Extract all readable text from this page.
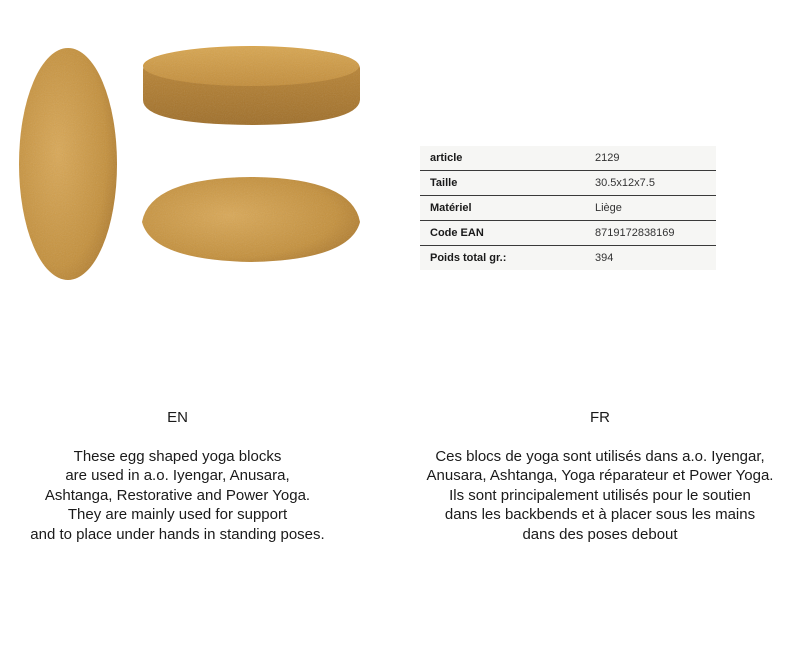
article	2129
Taille	30.5x12x7.5
Matériel	Liège
Code EAN	8719172838169
Poids total gr.:	394
EN
These egg shaped yoga blocks
are used in a.o. Iyengar, Anusara,
Ashtanga, Restorative and Power Yoga.
They are mainly used for support
and to place under hands in standing poses.
FR
Ces blocs de yoga sont utilisés dans a.o. Iyengar,
Anusara, Ashtanga, Yoga réparateur et Power Yoga.
Ils sont principalement utilisés pour le soutien
dans les backbends et à placer sous les mains
dans des poses debout
